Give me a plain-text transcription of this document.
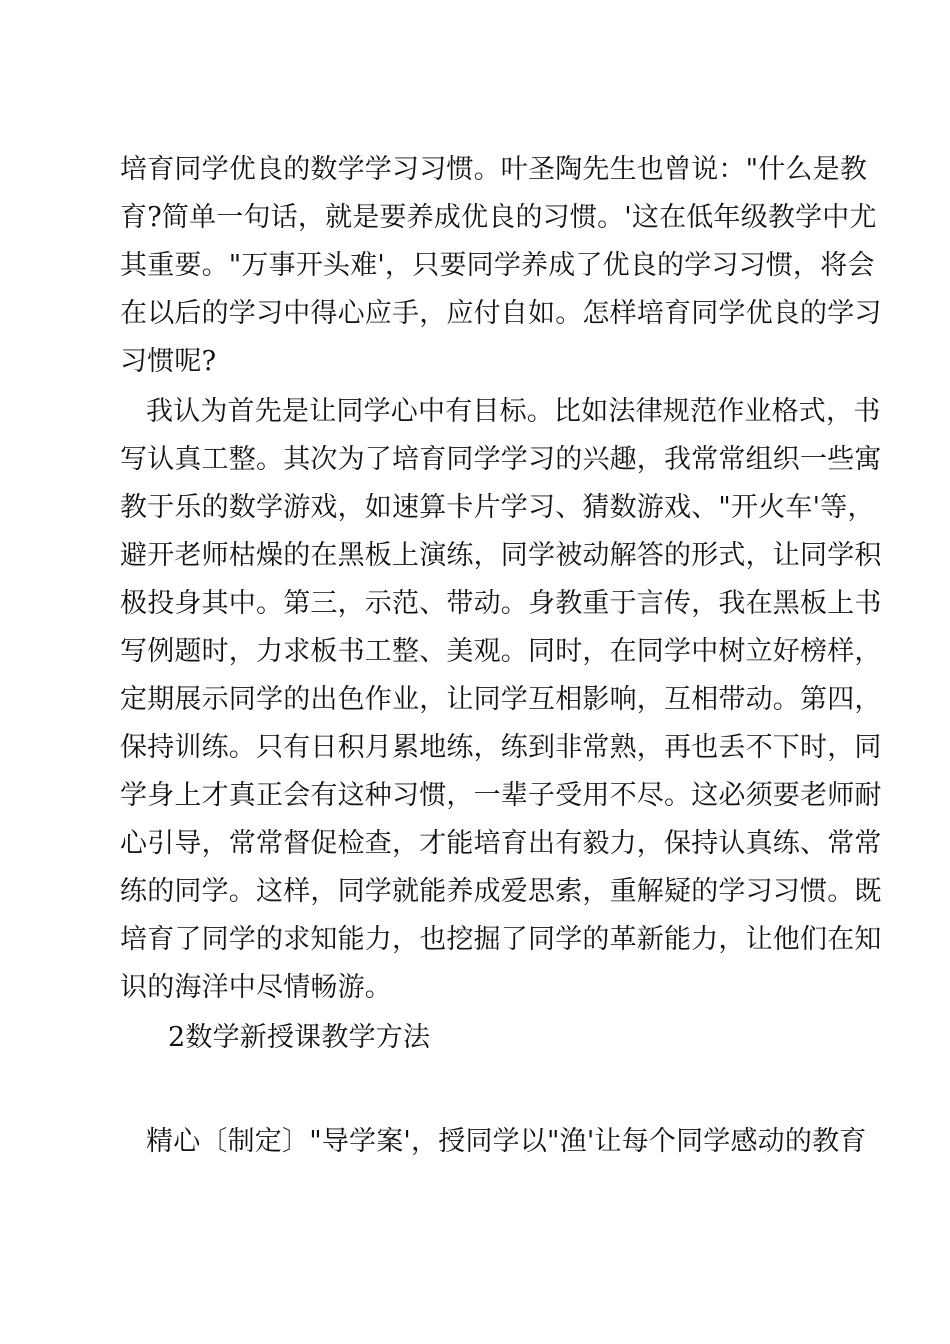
培育同学优良的数学学习习惯。叶圣陶先生也曾说："什么是教
育?简单一句话，就是要养成优良的习惯。'这在低年级教学中尤
其重要。"万事开头难'，只要同学养成了优良的学习习惯，将会
在以后的学习中得心应手，应付自如。怎样培育同学优良的学习
习惯呢?
我认为首先是让同学心中有目标。比如法律规范作业格式，书
写认真工整。其次为了培育同学学习的兴趣，我常常组织一些寓
教于乐的数学游戏，如速算卡片学习、猜数游戏、"开火车'等，
避开老师枯燥的在黑板上演练，同学被动解答的形式，让同学积
极投身其中。第三，示范、带动。身教重于言传，我在黑板上书
写例题时，力求板书工整、美观。同时，在同学中树立好榜样，
定期展示同学的出色作业，让同学互相影响，互相带动。第四，
保持训练。只有日积月累地练，练到非常熟，再也丢不下时，同
学身上才真正会有这种习惯，一辈子受用不尽。这必须要老师耐
心引导，常常督促检查，才能培育出有毅力，保持认真练、常常
练的同学。这样，同学就能养成爱思索，重解疑的学习习惯。既
培育了同学的求知能力，也挖掘了同学的革新能力，让他们在知
识的海洋中尽情畅游。
2数学新授课教学方法
精心〔制定〕"导学案'，授同学以"渔'让每个同学感动的教育
